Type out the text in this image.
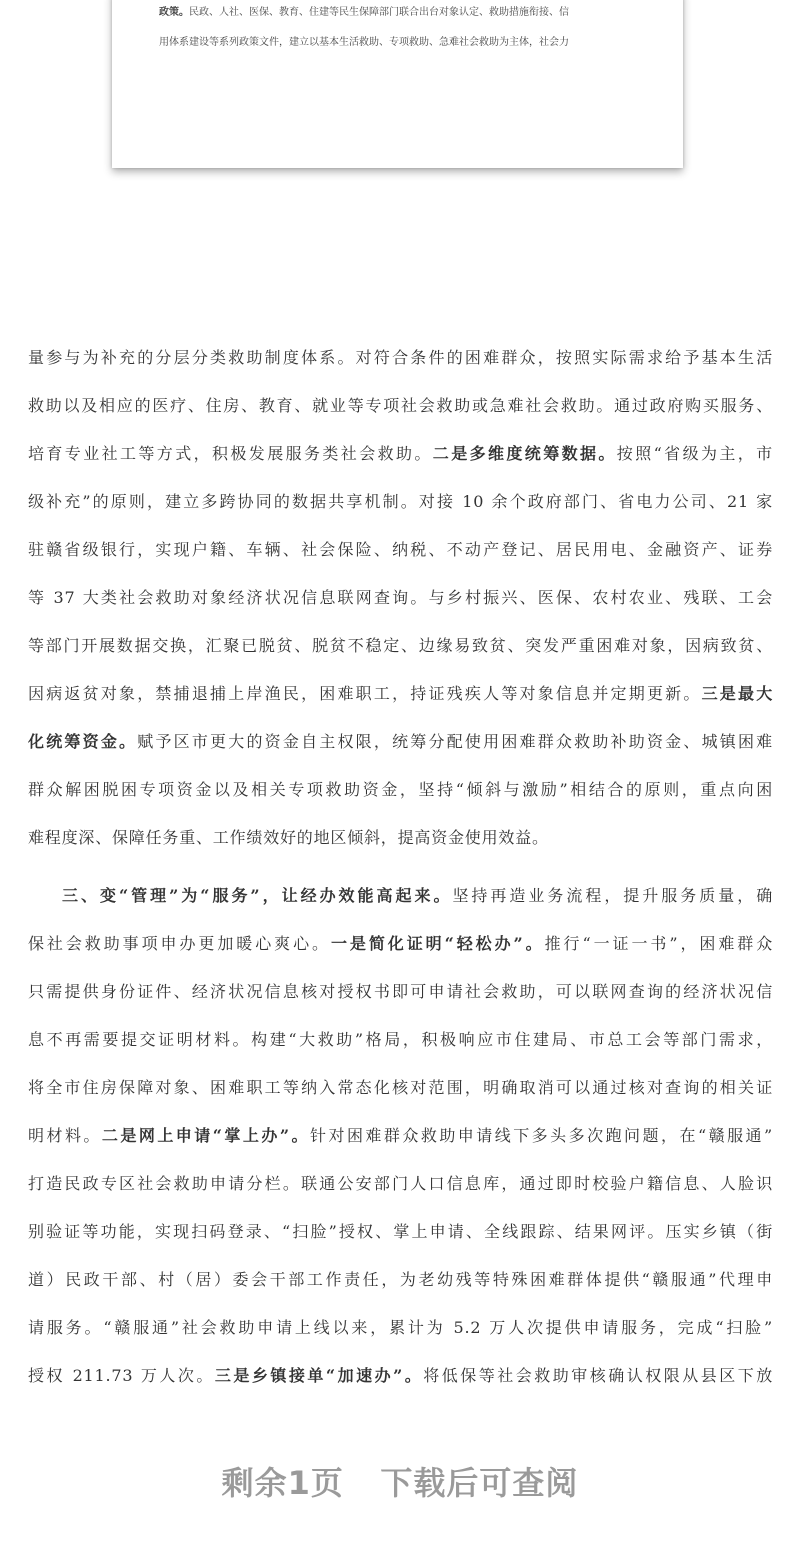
政策。民政、人社、医保、教育、住建等民生保障部门联合出台对象认定、救助措施衔接、信

用体系建设等系列政策文件，建立以基本生活救助、专项救助、急难社会救助为主体，社会力

量参与为补充的分层分类救助制度体系。对符合条件的困难群众，按照实际需求给予基本生活
救助以及相应的医疗、住房、教育、就业等专项社会救助或急难社会救助。通过政府购买服务、
培育专业社工等方式，积极发展服务类社会救助。二是多维度统筹数据。按照“省级为主，市
级补充”的原则，建立多跨协同的数据共享机制。对接 10 余个政府部门、省电力公司、21 家
驻赣省级银行，实现户籍、车辆、社会保险、纳税、不动产登记、居民用电、金融资产、证券
等 37 大类社会救助对象经济状况信息联网查询。与乡村振兴、医保、农村农业、残联、工会
等部门开展数据交换，汇聚已脱贫、脱贫不稳定、边缘易致贫、突发严重困难对象，因病致贫、
因病返贫对象，禁捕退捕上岸渔民，困难职工，持证残疾人等对象信息并定期更新。三是最大
化统筹资金。赋予区市更大的资金自主权限，统筹分配使用困难群众救助补助资金、城镇困难
群众解困脱困专项资金以及相关专项救助资金，坚持“倾斜与激励”相结合的原则，重点向困
难程度深、保障任务重、工作绩效好的地区倾斜，提高资金使用效益。
三、变“管理”为“服务”，让经办效能高起来。坚持再造业务流程，提升服务质量，确
保社会救助事项申办更加暖心爽心。一是简化证明“轻松办”。推行“一证一书”，困难群众
只需提供身份证件、经济状况信息核对授权书即可申请社会救助，可以联网查询的经济状况信
息不再需要提交证明材料。构建“大救助”格局，积极响应市住建局、市总工会等部门需求，
将全市住房保障对象、困难职工等纳入常态化核对范围，明确取消可以通过核对查询的相关证
明材料。二是网上申请“掌上办”。针对困难群众救助申请线下多头多次跑问题，在“赣服通”
打造民政专区社会救助申请分栏。联通公安部门人口信息库，通过即时校验户籍信息、人脸识
别验证等功能，实现扫码登录、“扫脸”授权、掌上申请、全线跟踪、结果网评。压实乡镇（街
道）民政干部、村（居）委会干部工作责任，为老幼残等特殊困难群体提供“赣服通”代理申
请服务。“赣服通”社会救助申请上线以来，累计为 5.2 万人次提供申请服务，完成“扫脸”
授权 211.73 万人次。三是乡镇接单“加速办”。将低保等社会救助审核确认权限从县区下放
剩余1页 下载后可查阅
